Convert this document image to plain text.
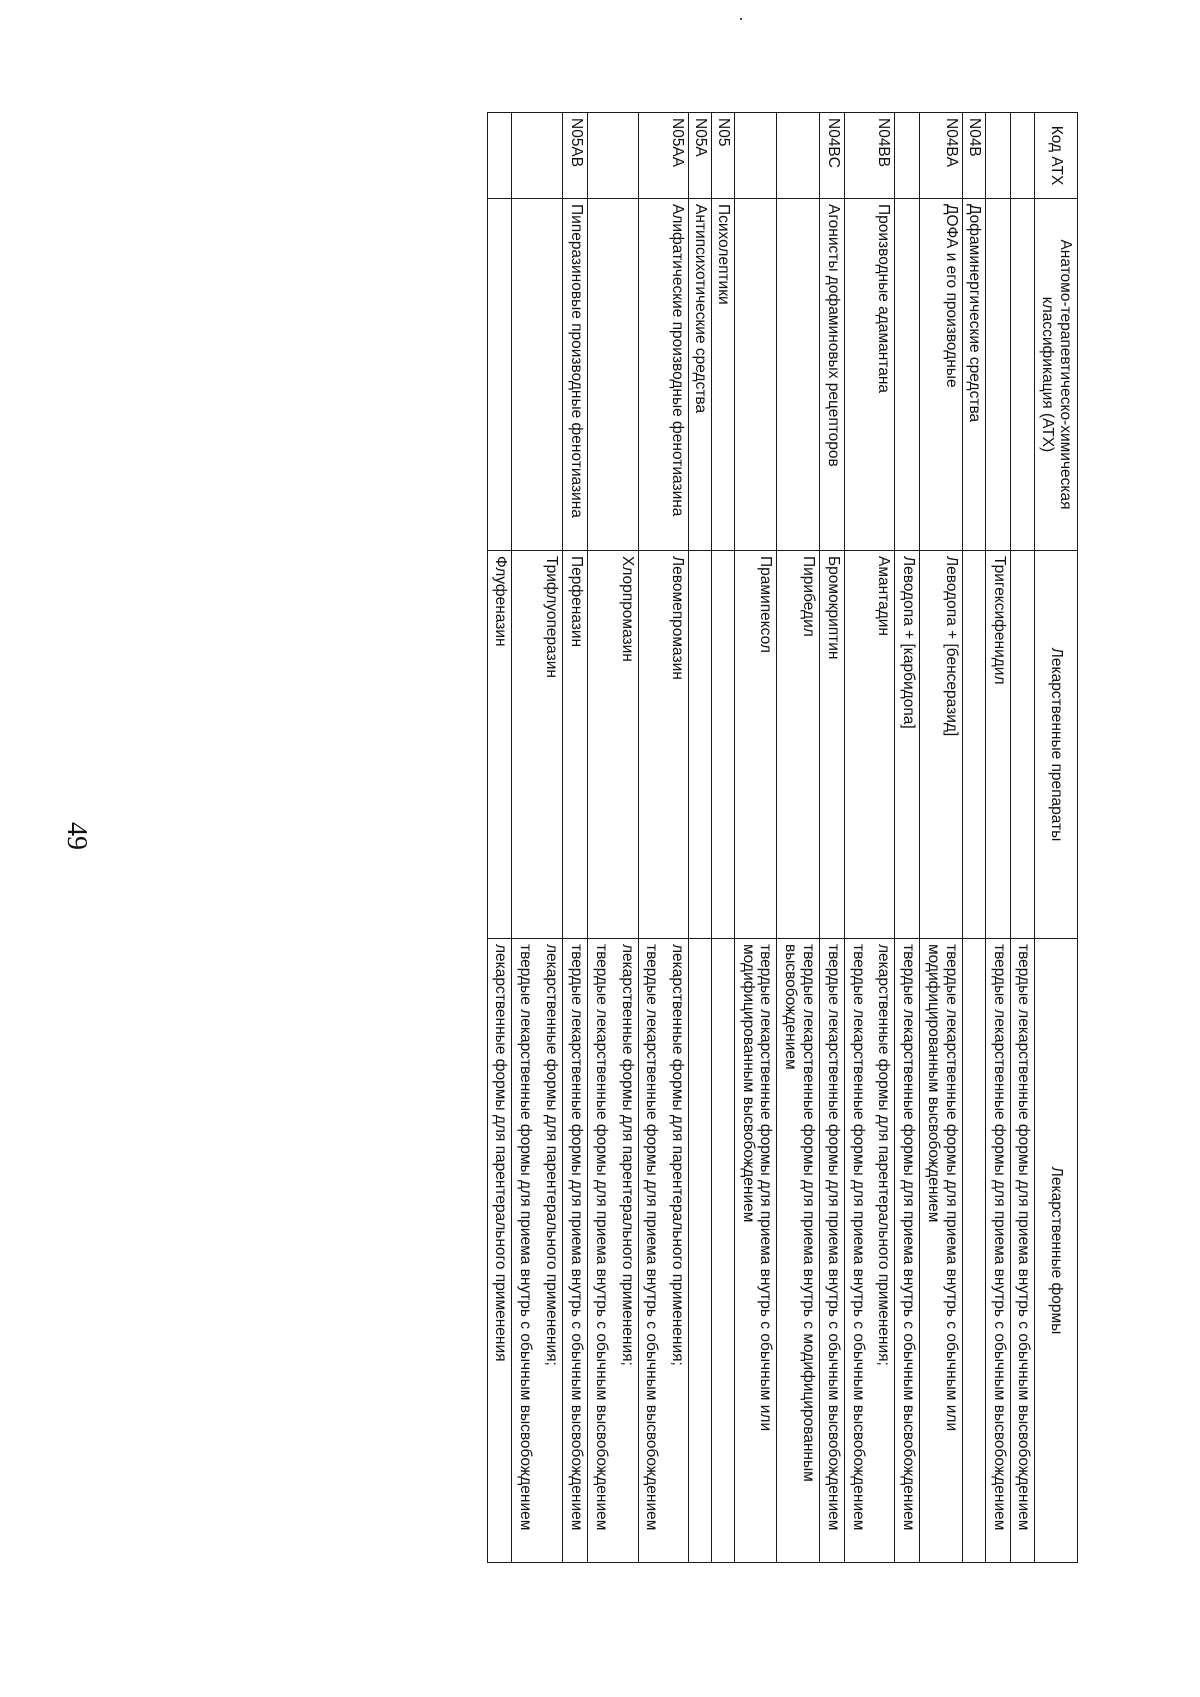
49
Код АТХ	Анатомо-терапевтическо-химическая классификация (АТХ)	Лекарственные препараты	Лекарственные формы

			твердые лекарственные формы для приема внутрь с обычным высвобождением

		Тригексифенидил	твердые лекарственные формы для приема внутрь с обычным высвобождением

N04B	Дофаминергические средства		
N04BA	ДОФА и его производные	Леводопа + [бенсеразид]	твердые лекарственные формы для приема внутрь с обычным или модифицированным высвобождением

		Леводопа + [карбидопа]	твердые лекарственные формы для приема внутрь с обычным высвобождением

N04BB	Производные адамантана	Амантадин	лекарственные формы для парентерального применения;
твердые лекарственные формы для приема внутрь с обычным высвобождением

N04BC	Агонисты дофаминовых рецепторов	Бромокриптин	твердые лекарственные формы для приема внутрь с обычным высвобождением

		Пирибедил	твердые лекарственные формы для приема внутрь с модифицированным высвобождением

		Прамипексол	твердые лекарственные формы для приема внутрь с обычным или модифицированным высвобождением

N05	Психолептики		
N05A	Антипсихотические средства		
N05AA	Алифатические производные фенотиазина	Левомепромазин	лекарственные формы для парентерального применения;
твердые лекарственные формы для приема внутрь с обычным высвобождением

		Хлорпромазин	лекарственные формы для парентерального применения;
твердые лекарственные формы для приема внутрь с обычным высвобождением

N05AB	Пиперазиновые производные фенотиазина	Перфеназин	твердые лекарственные формы для приема внутрь с обычным высвобождением

		Трифлуоперазин	лекарственные формы для парентерального применения;
твердые лекарственные формы для приема внутрь с обычным высвобождением

		Флуфеназин	лекарственные формы для парентерального применения
